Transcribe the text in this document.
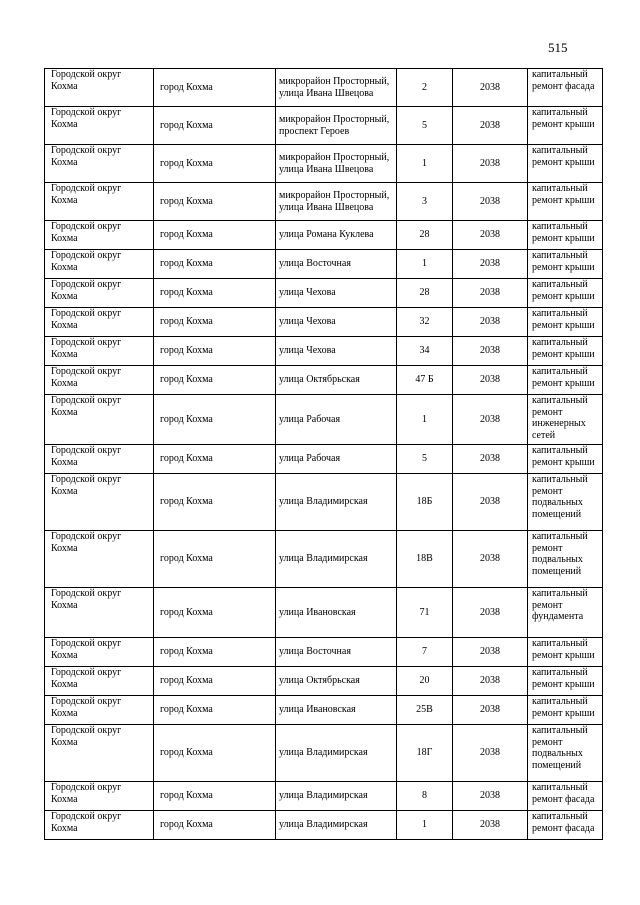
515
Городской округ Кохма	город Кохма	микрорайон Просторный, улица Ивана Швецова	2	2038	капитальный ремонт фасада
Городской округ Кохма	город Кохма	микрорайон Просторный, проспект Героев	5	2038	капитальный ремонт крыши
Городской округ Кохма	город Кохма	микрорайон Просторный, улица Ивана Швецова	1	2038	капитальный ремонт крыши
Городской округ Кохма	город Кохма	микрорайон Просторный, улица Ивана Швецова	3	2038	капитальный ремонт крыши
Городской округ Кохма	город Кохма	улица Романа Куклева	28	2038	капитальный ремонт крыши
Городской округ Кохма	город Кохма	улица Восточная	1	2038	капитальный ремонт крыши
Городской округ Кохма	город Кохма	улица Чехова	28	2038	капитальный ремонт крыши
Городской округ Кохма	город Кохма	улица Чехова	32	2038	капитальный ремонт крыши
Городской округ Кохма	город Кохма	улица Чехова	34	2038	капитальный ремонт крыши
Городской округ Кохма	город Кохма	улица Октябрьская	47 Б	2038	капитальный ремонт крыши
Городской округ Кохма	город Кохма	улица Рабочая	1	2038	капитальный ремонт инженерных сетей
Городской округ Кохма	город Кохма	улица Рабочая	5	2038	капитальный ремонт крыши
Городской округ Кохма	город Кохма	улица Владимирская	18Б	2038	капитальный ремонт подвальных помещений
Городской округ Кохма	город Кохма	улица Владимирская	18В	2038	капитальный ремонт подвальных помещений
Городской округ Кохма	город Кохма	улица Ивановская	71	2038	капитальный ремонт фундамента
Городской округ Кохма	город Кохма	улица Восточная	7	2038	капитальный ремонт крыши
Городской округ Кохма	город Кохма	улица Октябрьская	20	2038	капитальный ремонт крыши
Городской округ Кохма	город Кохма	улица Ивановская	25В	2038	капитальный ремонт крыши
Городской округ Кохма	город Кохма	улица Владимирская	18Г	2038	капитальный ремонт подвальных помещений
Городской округ Кохма	город Кохма	улица Владимирская	8	2038	капитальный ремонт фасада
Городской округ Кохма	город Кохма	улица Владимирская	1	2038	капитальный ремонт фасада
